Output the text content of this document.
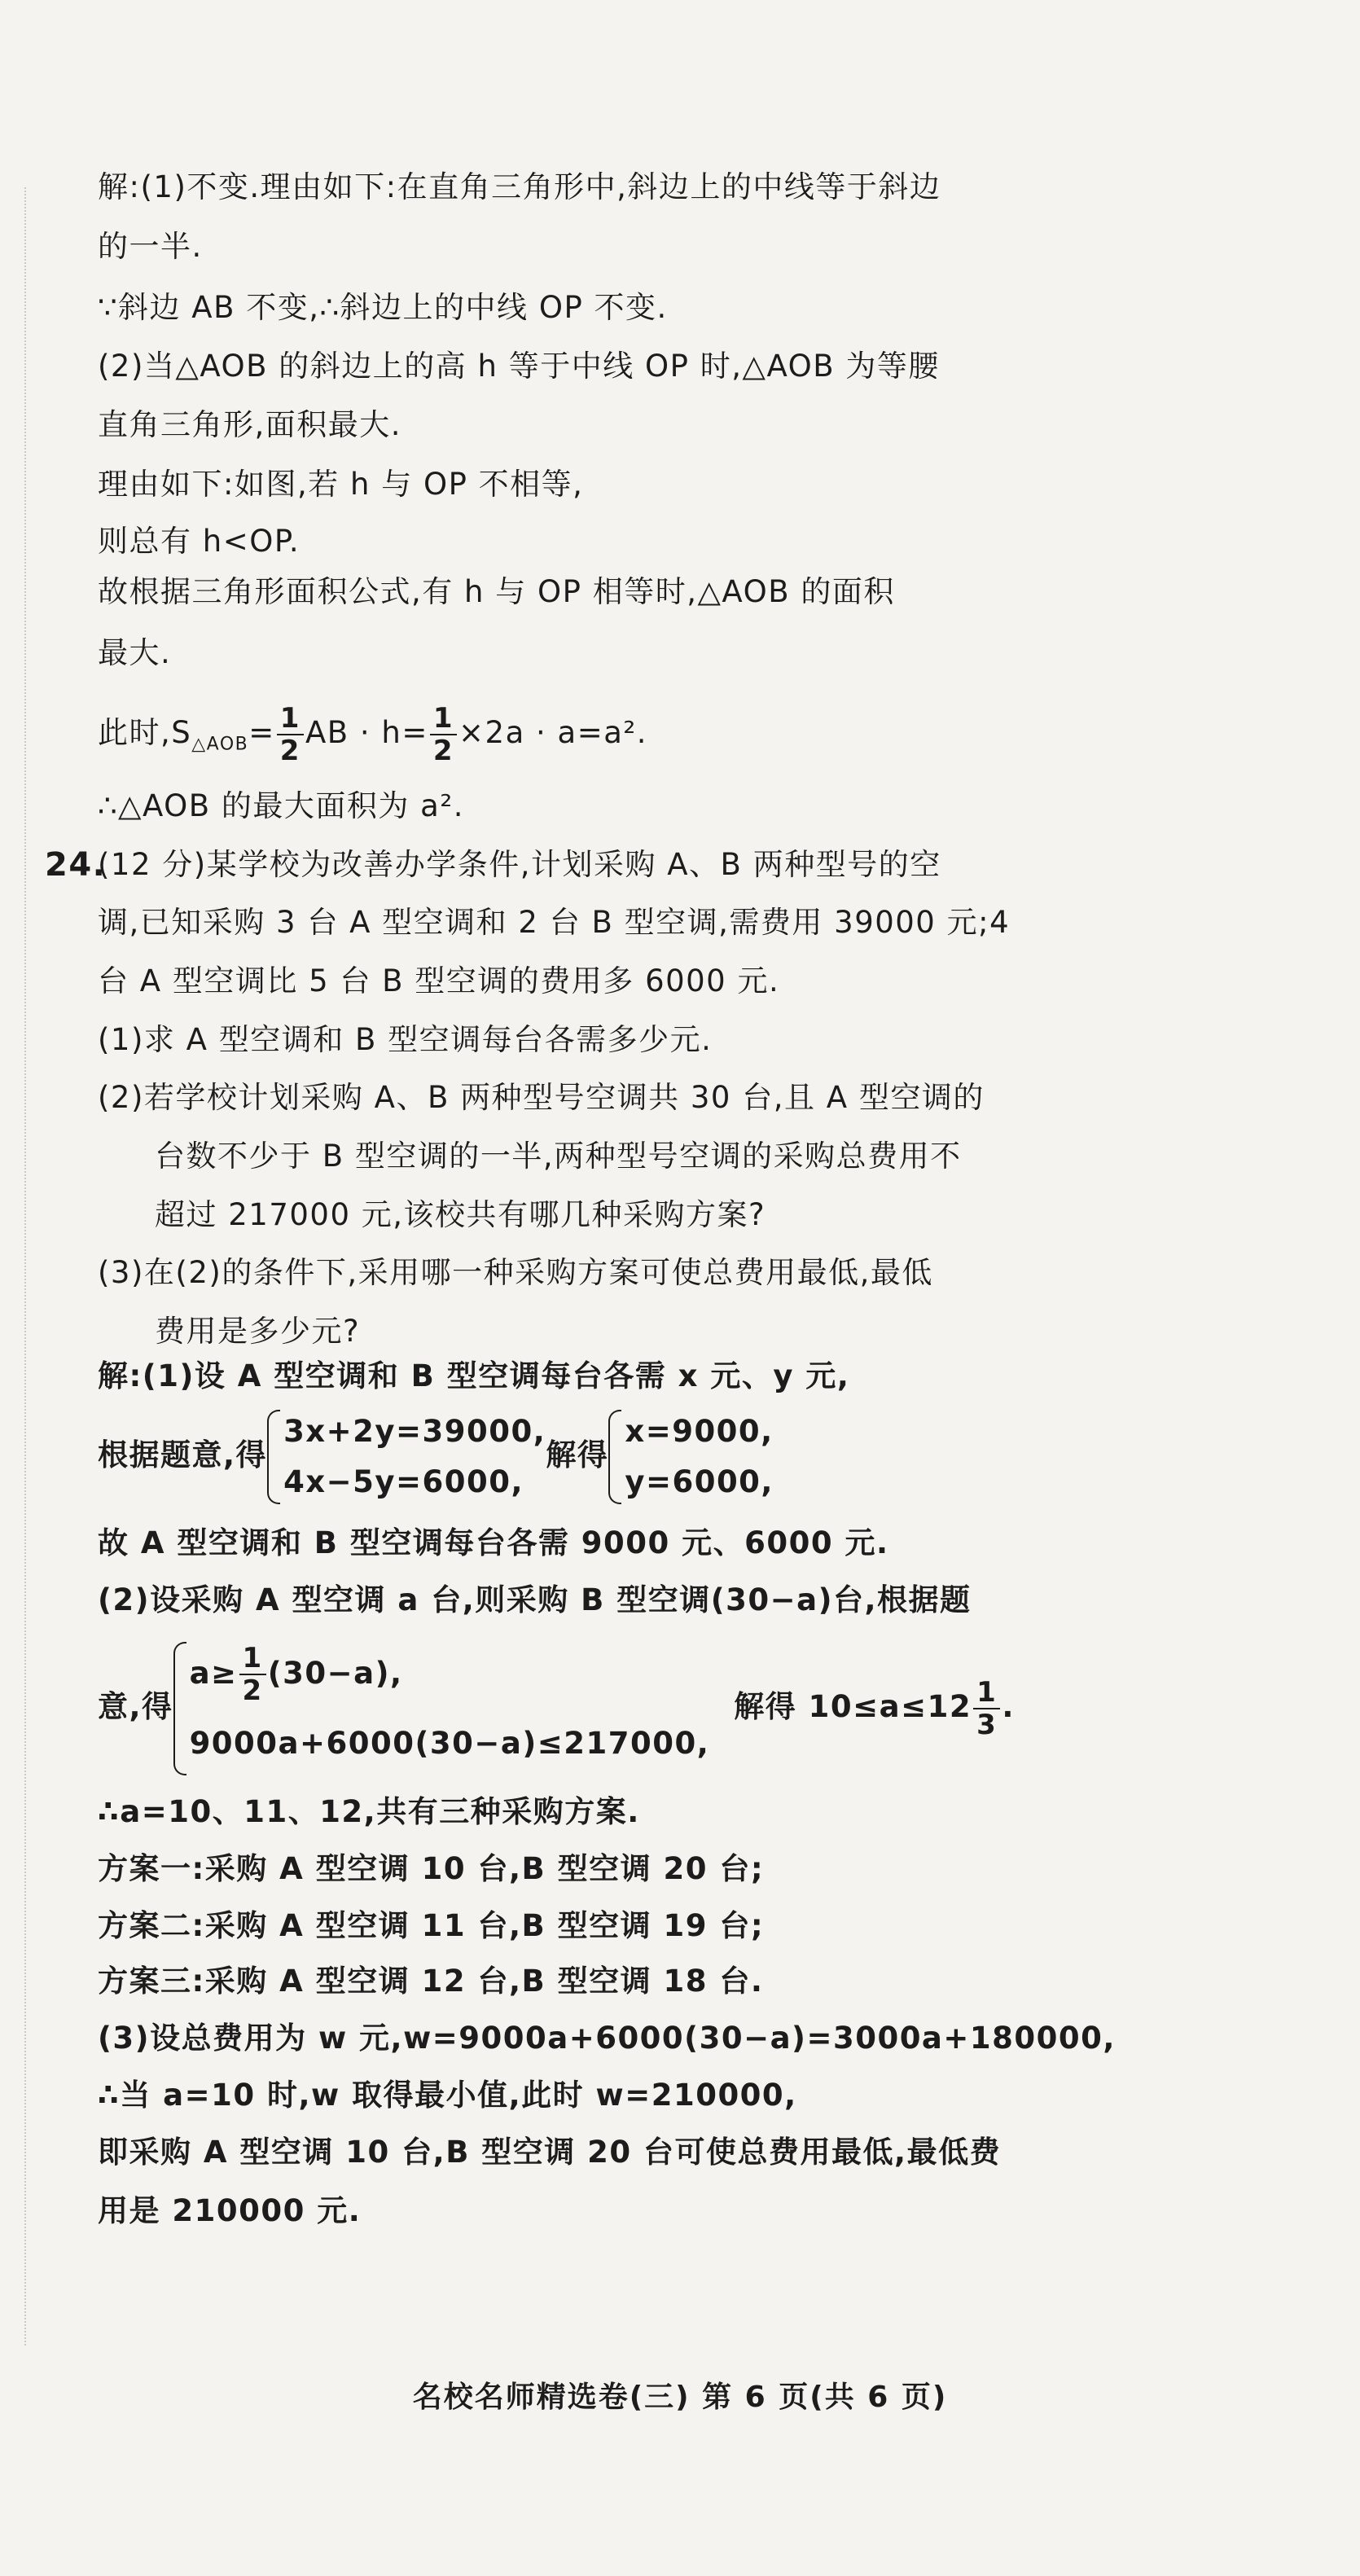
解:(1)不变.理由如下:在直角三角形中,斜边上的中线等于斜边
的一半.
∵斜边 AB 不变,∴斜边上的中线 OP 不变.
(2)当△AOB 的斜边上的高 h 等于中线 OP 时,△AOB 为等腰
直角三角形,面积最大.
理由如下:如图,若 h 与 OP 不相等,
则总有 h<OP.
故根据三角形面积公式,有 h 与 OP 相等时,△AOB 的面积
最大.
此时$,S_{\triangle AOB}= \frac{1}{2}$ AB · $h= \frac{1}{2} \times 2a \cdot a=a^2$.
∴△AOB 的最大面积为 a².
24.
(12 分)某学校为改善办学条件,计划采购 A、B 两种型号的空
调,已知采购 3 台 A 型空调和 2 台 B 型空调,需费用 39000 元;4
台 A 型空调比 5 台 B 型空调的费用多 6000 元.
(1)求 A 型空调和 B 型空调每台各需多少元.
(2)若学校计划采购 A、B 两种型号空调共 30 台,且 A 型空调的
台数不少于 B 型空调的一半,两种型号空调的采购总费用不
超过 217000 元,该校共有哪几种采购方案?
(3)在(2)的条件下,采用哪一种采购方案可使总费用最低,最低
费用是多少元?
解:(1)设 A 型空调和 B 型空调每台各需 x 元、y 元,
根据题意,得
3x+2y=39000,
4x−5y=6000,
解得
x=9000,
y=6000,
故 A 型空调和 B 型空调每台各需 9000 元、6000 元.
(2)设采购 A 型空调 a 台,则采购 B 型空调(30−a)台,根据题
意,得
$a\ge \frac{1}{2} (30-a)$,
9000a+6000(30−a)≤217000,
解得 $10\le a\le 12 \frac{1}{3}$ .
∴a=10、11、12,共有三种采购方案.
方案一:采购 A 型空调 10 台,B 型空调 20 台;
方案二:采购 A 型空调 11 台,B 型空调 19 台;
方案三:采购 A 型空调 12 台,B 型空调 18 台.
(3)设总费用为 w 元,w=9000a+6000(30−a)=3000a+180000,
∴当 a=10 时,w 取得最小值,此时 w=210000,
即采购 A 型空调 10 台,B 型空调 20 台可使总费用最低,最低费
用是 210000 元.
名校名师精选卷(三) 第 6 页(共 6 页)
